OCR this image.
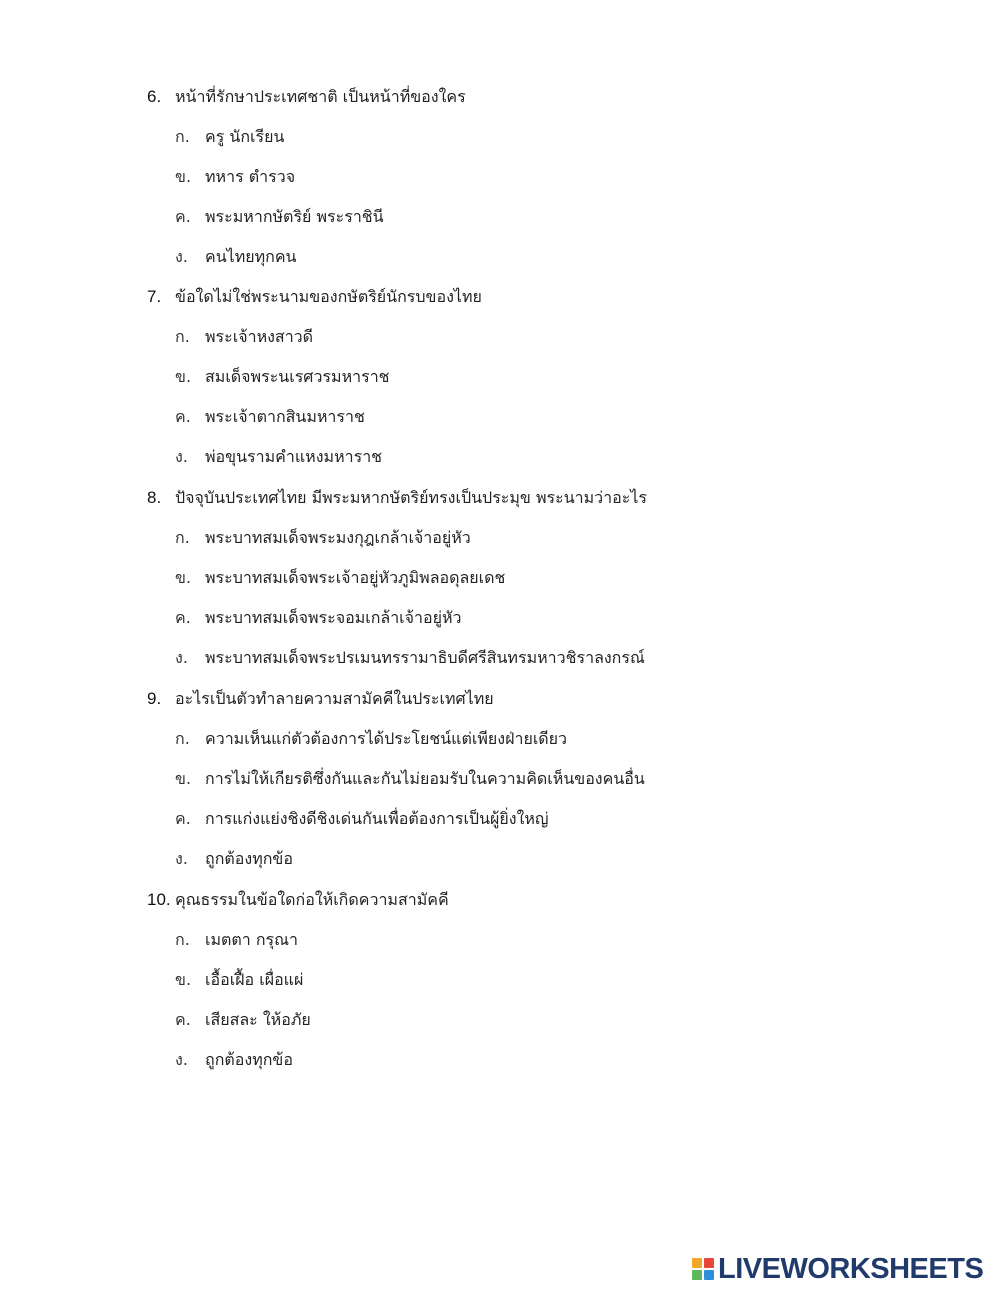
6. หน้าที่รักษาประเทศชาติ เป็นหน้าที่ของใคร
ก. ครู นักเรียน
ข. ทหาร ตำรวจ
ค. พระมหากษัตริย์ พระราชินี
ง.	คนไทยทุกคน
7. ข้อใดไม่ใช่พระนามของกษัตริย์นักรบของไทย
ก. พระเจ้าหงสาวดี
ข. สมเด็จพระนเรศวรมหาราช
ค. พระเจ้าตากสินมหาราช
ง.	พ่อขุนรามคำแหงมหาราช
8. ปัจจุบันประเทศไทย มีพระมหากษัตริย์ทรงเป็นประมุข พระนามว่าอะไร
ก. พระบาทสมเด็จพระมงกุฎเกล้าเจ้าอยู่หัว
ข. พระบาทสมเด็จพระเจ้าอยู่หัวภูมิพลอดุลยเดช
ค. พระบาทสมเด็จพระจอมเกล้าเจ้าอยู่หัว
ง.	พระบาทสมเด็จพระปรเมนทรรามาธิบดีศรีสินทรมหาวชิราลงกรณ์
9. อะไรเป็นตัวทำลายความสามัคคีในประเทศไทย
ก. ความเห็นแก่ตัวต้องการได้ประโยชน์แต่เพียงฝ่ายเดียว
ข. การไม่ให้เกียรติซึ่งกันและกันไม่ยอมรับในความคิดเห็นของคนอื่น
ค. การแก่งแย่งชิงดีชิงเด่นกันเพื่อต้องการเป็นผู้ยิ่งใหญ่
ง.	ถูกต้องทุกข้อ
10. คุณธรรมในข้อใดก่อให้เกิดความสามัคคี
ก. เมตตา กรุณา
ข. เอื้อเฝื้อ เผื่อแผ่
ค. เสียสละ ให้อภัย
ง.	ถูกต้องทุกข้อ
LIVEWORKSHEETS
